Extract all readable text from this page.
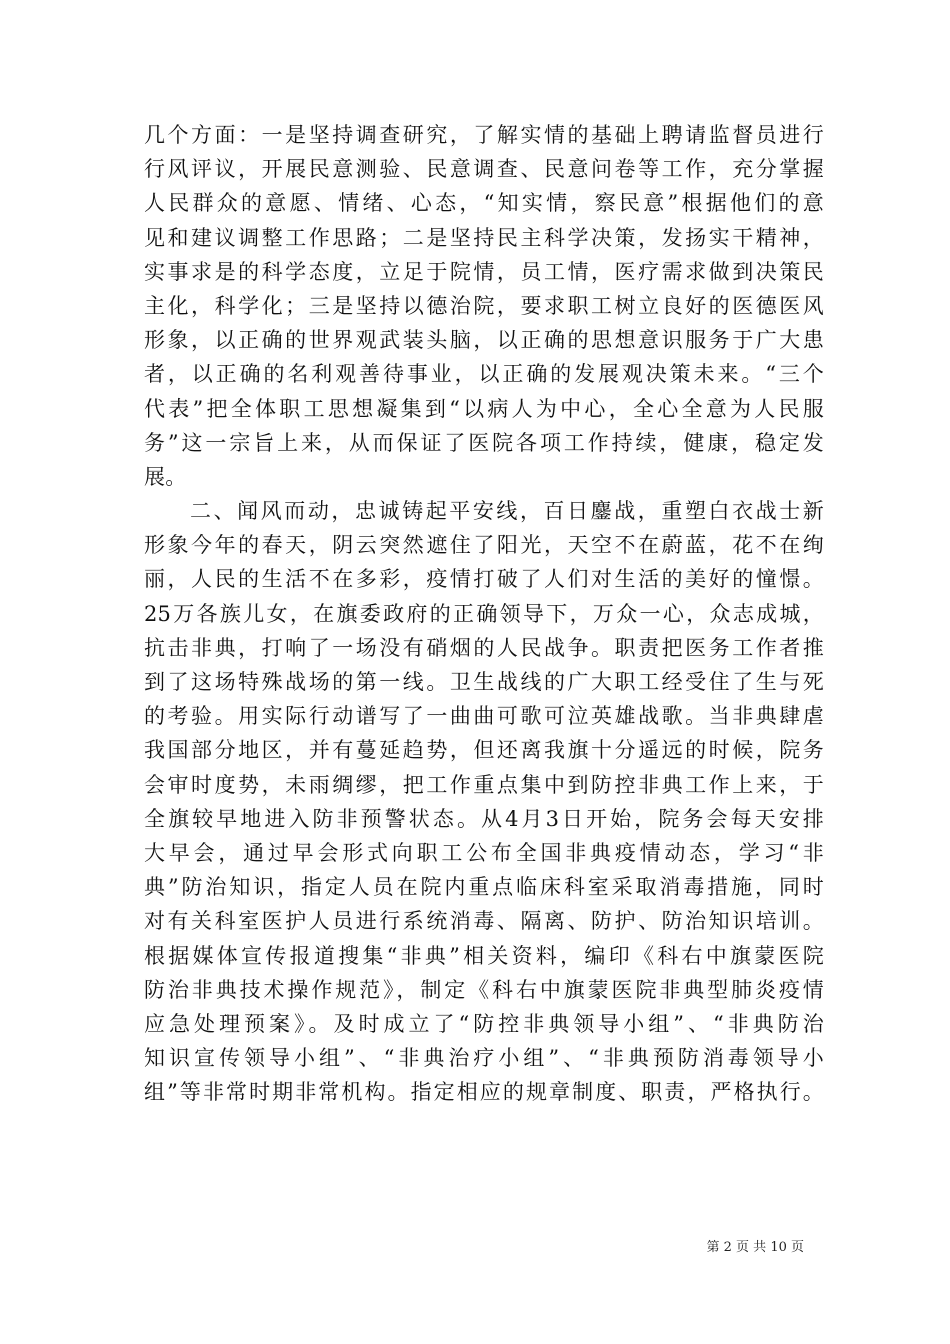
几个方面：一是坚持调查研究，了解实情的基础上聘请监督员进行
行风评议，开展民意测验、民意调查、民意问卷等工作，充分掌握
人民群众的意愿、情绪、心态，“知实情，察民意”根据他们的意
见和建议调整工作思路；二是坚持民主科学决策，发扬实干精神，
实事求是的科学态度，立足于院情，员工情，医疗需求做到决策民
主化，科学化；三是坚持以德治院，要求职工树立良好的医德医风
形象，以正确的世界观武装头脑，以正确的思想意识服务于广大患
者，以正确的名利观善待事业，以正确的发展观决策未来。“三个
代表”把全体职工思想凝集到“以病人为中心，全心全意为人民服
务”这一宗旨上来，从而保证了医院各项工作持续，健康，稳定发
展。
二、闻风而动，忠诚铸起平安线，百日鏖战，重塑白衣战士新
形象今年的春天，阴云突然遮住了阳光，天空不在蔚蓝，花不在绚
丽，人民的生活不在多彩，疫情打破了人们对生活的美好的憧憬。
25万各族儿女，在旗委政府的正确领导下，万众一心，众志成城，
抗击非典，打响了一场没有硝烟的人民战争。职责把医务工作者推
到了这场特殊战场的第一线。卫生战线的广大职工经受住了生与死
的考验。用实际行动谱写了一曲曲可歌可泣英雄战歌。当非典肆虐
我国部分地区，并有蔓延趋势，但还离我旗十分遥远的时候，院务
会审时度势，未雨绸缪，把工作重点集中到防控非典工作上来，于
全旗较早地进入防非预警状态。从4月3日开始，院务会每天安排
大早会，通过早会形式向职工公布全国非典疫情动态，学习“非
典”防治知识，指定人员在院内重点临床科室采取消毒措施，同时
对有关科室医护人员进行系统消毒、隔离、防护、防治知识培训。
根据媒体宣传报道搜集“非典”相关资料，编印《科右中旗蒙医院
防治非典技术操作规范》，制定《科右中旗蒙医院非典型肺炎疫情
应急处理预案》。及时成立了“防控非典领导小组”、“非典防治
知识宣传领导小组”、“非典治疗小组”、“非典预防消毒领导小
组”等非常时期非常机构。指定相应的规章制度、职责，严格执行。
第 2 页 共 10 页
